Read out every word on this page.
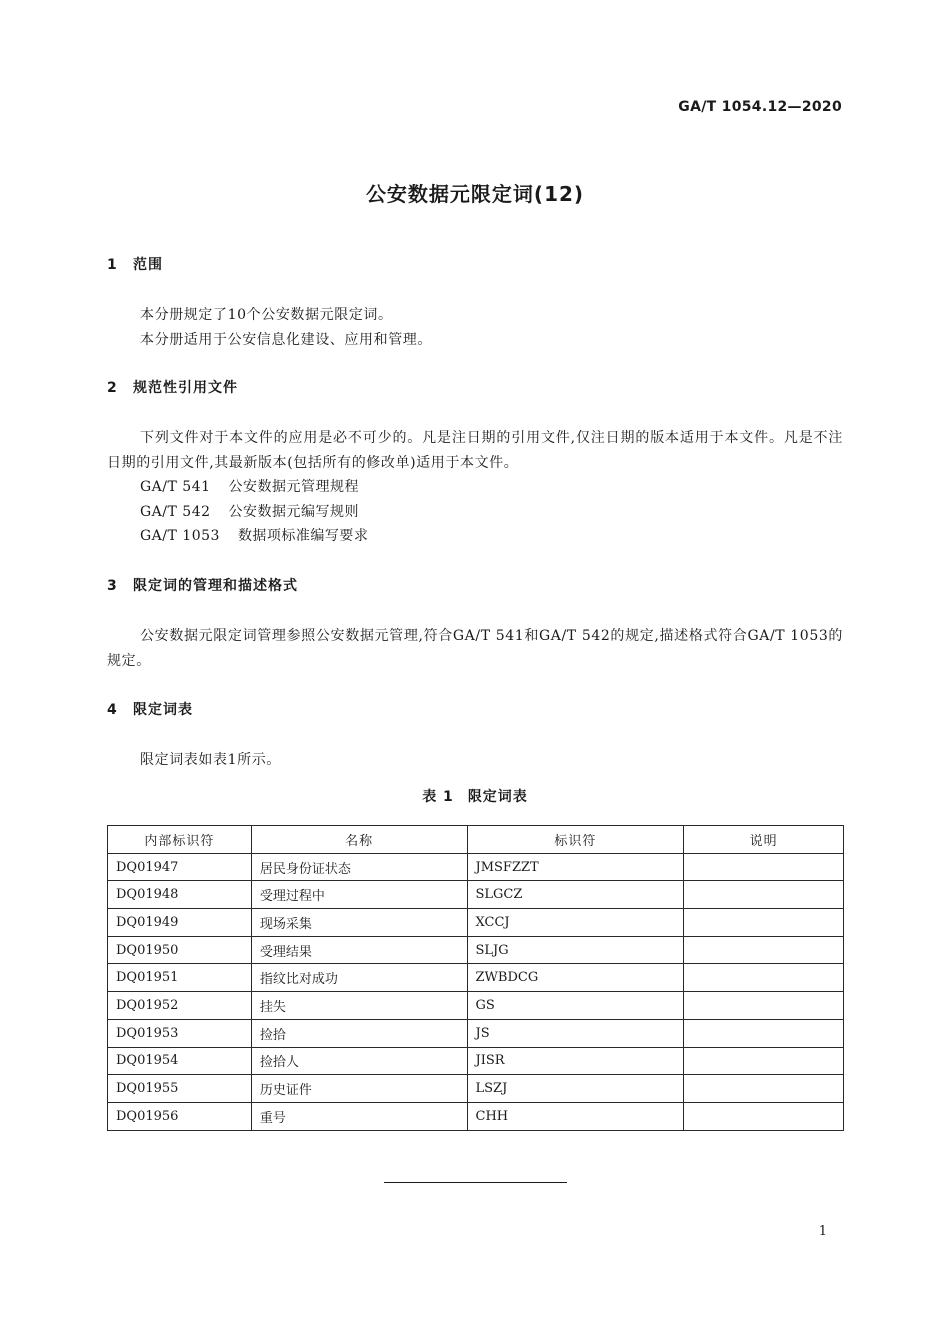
GA/T 1054.12—2020
公安数据元限定词(12)
1 范围

本分册规定了10个公安数据元限定词。

本分册适用于公安信息化建设、应用和管理。

2 规范性引用文件

下列文件对于本文件的应用是必不可少的。凡是注日期的引用文件,仅注日期的版本适用于本文件。凡是不注日期的引用文件,其最新版本(包括所有的修改单)适用于本文件。

GA/T 541 公安数据元管理规程

GA/T 542 公安数据元编写规则

GA/T 1053 数据项标准编写要求

3 限定词的管理和描述格式

公安数据元限定词管理参照公安数据元管理,符合GA/T 541和GA/T 542的规定,描述格式符合GA/T 1053的规定。

4 限定词表

限定词表如表1所示。

表 1 限定词表

内部标识符	名称	标识符	说明
DQ01947	居民身份证状态	JMSFZZT	
DQ01948	受理过程中	SLGCZ	
DQ01949	现场采集	XCCJ	
DQ01950	受理结果	SLJG	
DQ01951	指纹比对成功	ZWBDCG	
DQ01952	挂失	GS	
DQ01953	捡拾	JS	
DQ01954	捡拾人	JISR	
DQ01955	历史证件	LSZJ	
DQ01956	重号	CHH	
1
